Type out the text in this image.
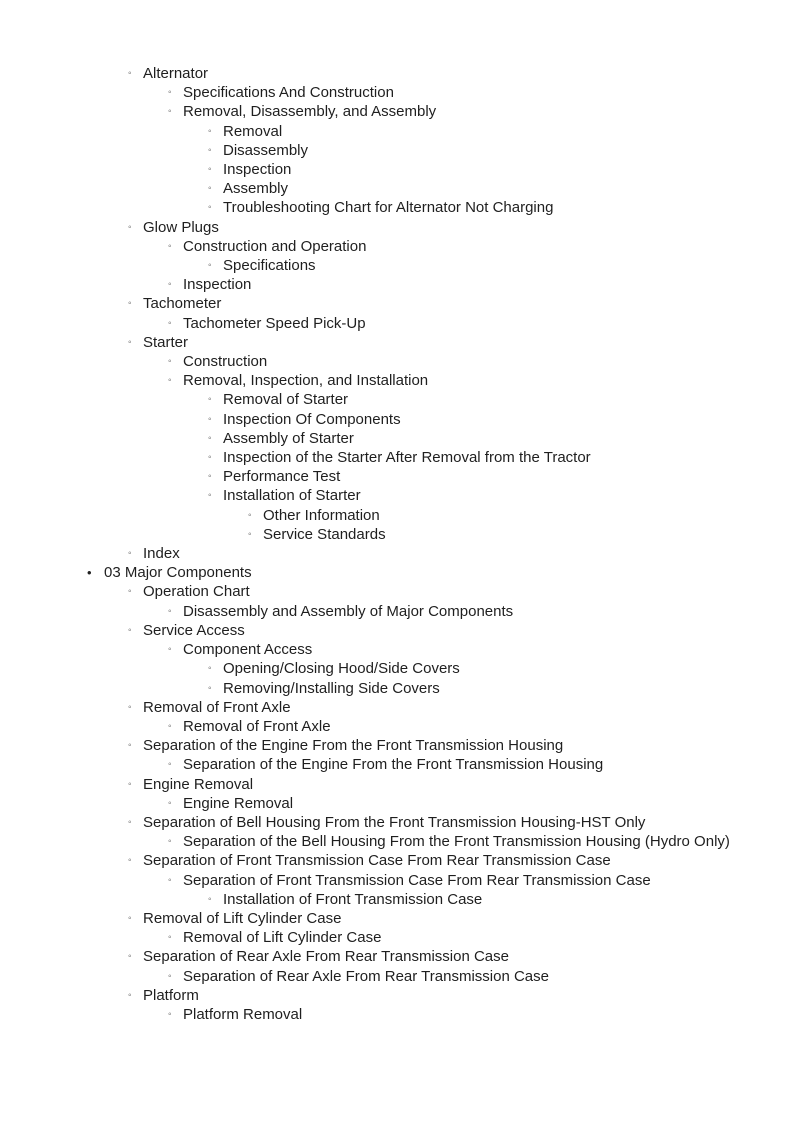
◦ Alternator
◦ Specifications And Construction
◦ Removal, Disassembly, and Assembly
◦ Removal
◦ Disassembly
◦ Inspection
◦ Assembly
◦ Troubleshooting Chart for Alternator Not Charging
◦ Glow Plugs
◦ Construction and Operation
◦ Specifications
◦ Inspection
◦ Tachometer
◦ Tachometer Speed Pick-Up
◦ Starter
◦ Construction
◦ Removal, Inspection, and Installation
◦ Removal of Starter
◦ Inspection Of Components
◦ Assembly of Starter
◦ Inspection of the Starter After Removal from the Tractor
◦ Performance Test
◦ Installation of Starter
◦ Other Information
◦ Service Standards
◦ Index
• 03 Major Components
◦ Operation Chart
◦ Disassembly and Assembly of Major Components
◦ Service Access
◦ Component Access
◦ Opening/Closing Hood/Side Covers
◦ Removing/Installing Side Covers
◦ Removal of Front Axle
◦ Removal of Front Axle
◦ Separation of the Engine From the Front Transmission Housing
◦ Separation of the Engine From the Front Transmission Housing
◦ Engine Removal
◦ Engine Removal
◦ Separation of Bell Housing From the Front Transmission Housing-HST Only
◦ Separation of the Bell Housing From the Front Transmission Housing (Hydro Only)
◦ Separation of Front Transmission Case From Rear Transmission Case
◦ Separation of Front Transmission Case From Rear Transmission Case
◦ Installation of Front Transmission Case
◦ Removal of Lift Cylinder Case
◦ Removal of Lift Cylinder Case
◦ Separation of Rear Axle From Rear Transmission Case
◦ Separation of Rear Axle From Rear Transmission Case
◦ Platform
◦ Platform Removal
